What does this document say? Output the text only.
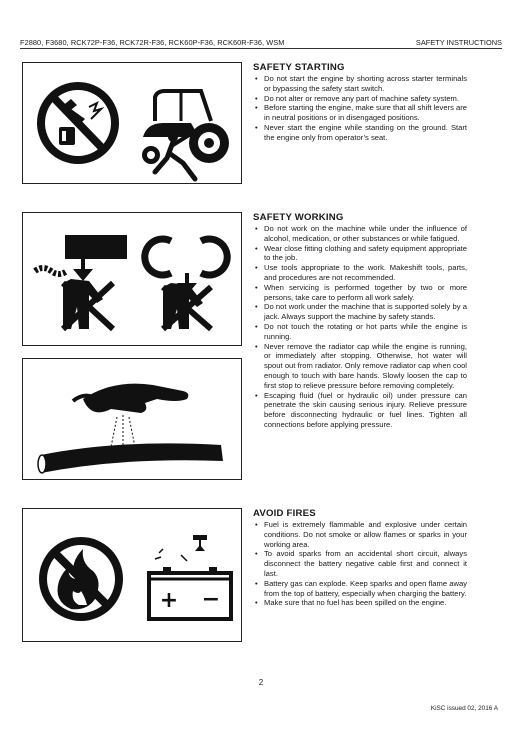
F2880, F3680, RCK72P-F36, RCK72R-F36, RCK60P-F36, RCK60R-F36, WSM	SAFETY INSTRUCTIONS
SAFETY STARTING
• Do not start the engine by shorting across starter terminals or bypassing the safety start switch.
• Do not alter or remove any part of machine safety system.
• Before starting the engine, make sure that all shift levers are in neutral positions or in disengaged positions.
• Never start the engine while standing on the ground. Start the engine only from operator’s seat.
SAFETY WORKING
• Do not work on the machine while under the influence of alcohol, medication, or other substances or while fatigued.
• Wear close fitting clothing and safety equipment appropriate to the job.
• Use tools appropriate to the work. Makeshift tools, parts, and procedures are not recommended.
• When servicing is performed together by two or more persons, take care to perform all work safely.
• Do not work under the machine that is supported solely by a jack. Always support the machine by safety stands.
• Do not touch the rotating or hot parts while the engine is running.
• Never remove the radiator cap while the engine is running, or immediately after stopping. Otherwise, hot water will spout out from radiator. Only remove radiator cap when cool enough to touch with bare hands. Slowly loosen the cap to first stop to relieve pressure before removing completely.
• Escaping fluid (fuel or hydraulic oil) under pressure can penetrate the skin causing serious injury. Relieve pressure before disconnecting hydraulic or fuel lines. Tighten all connections before applying pressure.
+ −
AVOID FIRES
• Fuel is extremely flammable and explosive under certain conditions. Do not smoke or allow flames or sparks in your working area.
• To avoid sparks from an accidental short circuit, always disconnect the battery negative cable first and connect it last.
• Battery gas can explode. Keep sparks and open flame away from the top of battery, especially when charging the battery.
• Make sure that no fuel has been spilled on the engine.
2
KiSC issued 02, 2016 A
